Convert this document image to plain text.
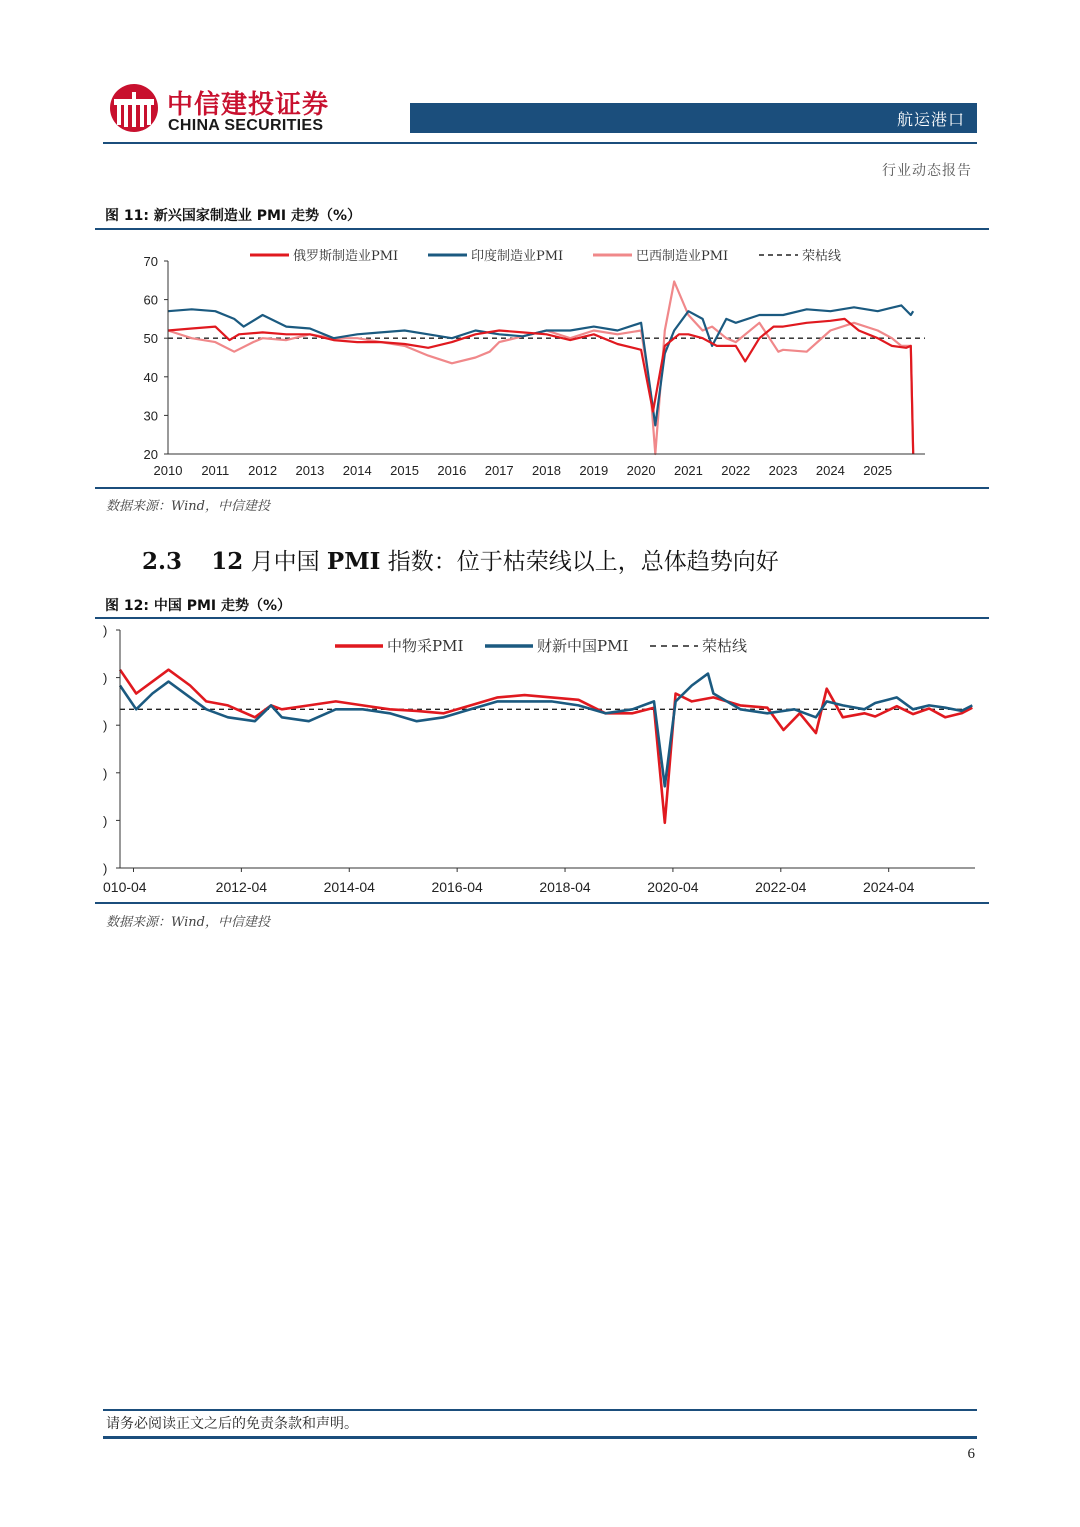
中信建投证券
CHINA SECURITIES	航运港口
行业动态报告
图 11: 新兴国家制造业 PMI 走势（%）
70
60
50
40
30
20
2010 2011 2012 2013 2014 2015 2016 2017 2018 2019 2020 2021 2022 2023 2024 2025
俄罗斯制造业PMI	印度制造业PMI	巴西制造业PMI	荣枯线
数据来源：Wind，中信建投
2.3 12 月中国 PMI 指数：位于枯荣线以上，总体趋势向好
图 12: 中国 PMI 走势（%）
)
)
)
)
)
)
010-04	2012-04	2014-04	2016-04	2018-04	2020-04	2022-04	2024-04
中物采PMI	财新中国PMI	荣枯线
数据来源：Wind，中信建投
请务必阅读正文之后的免责条款和声明。
6
